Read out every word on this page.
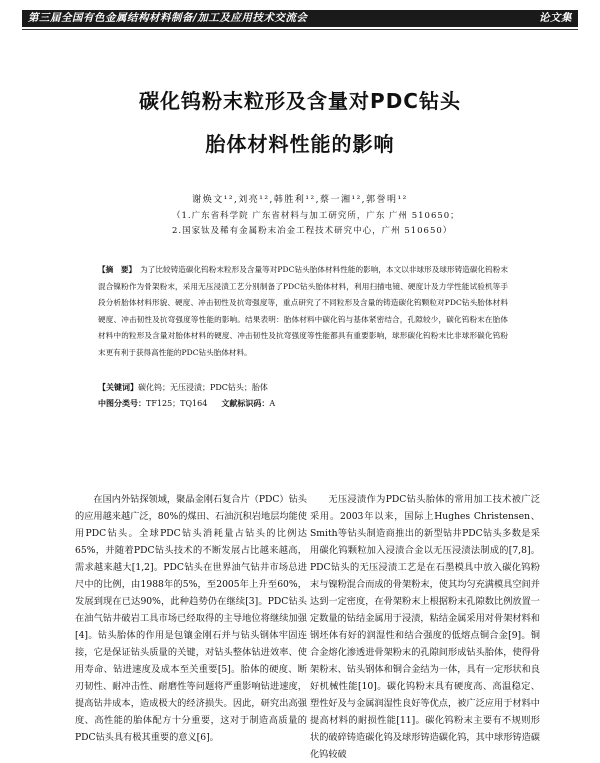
第三届全国有色金属结构材料制备/加工及应用技术交流会	论文集
碳化钨粉末粒形及含量对PDC钻头
胎体材料性能的影响
谢焕文¹²,刘亮¹²,韩胜利¹²,蔡一湘¹²,郭誉明¹²
（1.广东省科学院 广东省材料与加工研究所，广东 广州 510650；
2.国家钛及稀有金属粉末冶金工程技术研究中心，广州 510650）

【摘　要】 为了比较铸造碳化钨粉末粒形及含量等对PDC钻头胎体材料性能的影响，本文以非球形及球形铸造碳化钨粉末混合镍粉作为骨架粉末，采用无压浸渍工艺分别制备了PDC钻头胎体材料，利用扫描电镜、硬度计及力学性能试验机等手段分析胎体材料形貌、硬度、冲击韧性及抗弯强度等，重点研究了不同粒形及含量的铸造碳化钨颗粒对PDC钻头胎体材料硬度、冲击韧性及抗弯强度等性能的影响。结果表明：胎体材料中碳化钨与基体紧密结合，孔隙较少，碳化钨粉末在胎体材料中的粒形及含量对胎体材料的硬度、冲击韧性及抗弯强度等性能都具有重要影响，球形碳化钨粉末比非球形碳化钨粉末更有利于获得高性能的PDC钻头胎体材料。

【关键词】碳化钨；无压浸渍；PDC钻头；胎体
中图分类号：TF125；TQ164 文献标识码：A

在国内外钻探领域，聚晶金刚石复合片（PDC）钻头的应用越来越广泛，80%的煤田、石油沉积岩地层均能使用PDC钻头。全球PDC钻头消耗量占钻头的比例达65%，并随着PDC钻头技术的不断发展占比越来越高，需求越来越大[1,2]。PDC钻头在世界油气钻井市场总进尺中的比例，由1988年的5%，至2005年上升至60%，发展到现在已达90%，此种趋势仍在继续[3]。PDC钻头在油气钻井破岩工具市场已经取得的主导地位将继续加强[4]。钻头胎体的作用是包镶金刚石并与钻头钢体牢固连接，它是保证钻头质量的关键，对钻头整体钻进效率、使用寿命、钻进速度及成本至关重要[5]。胎体的硬度、断刃韧性、耐冲击性、耐磨性等问题将严重影响钻进速度，提高钻井成本，造成极大的经济损失。因此，研究出高强度、高性能的胎体配方十分重要，这对于制造高质量的PDC钻头具有极其重要的意义[6]。

无压浸渍作为PDC钻头胎体的常用加工技术被广泛采用。2003年以来，国际上Hughes Christensen、Smith等钻头制造商推出的新型钻井PDC钻头多数是采用碳化钨颗粒加入浸渍合金以无压浸渍法制成的[7,8]。PDC钻头的无压浸渍工艺是在石墨模具中放入碳化钨粉末与镍粉混合而成的骨架粉末，使其均匀充满模具空间并达到一定密度，在骨架粉末上根据粉末孔隙数比例放置一定数量的钻结金属用于浸渍，粘结金属采用对骨架材料和钢坯体有好的润湿性和结合强度的低熔点铜合金[9]。铜合金熔化渗透进骨架粉末的孔隙间形成钻头胎体，使得骨架粉末、钻头钢体和铜合金结为一体，具有一定形状和良好机械性能[10]。碳化钨粉末具有硬度高、高温稳定、塑性好及与金属润湿性良好等优点，被广泛应用于材料中提高材料的耐损性能[11]。碳化钨粉末主要有不规则形状的破碎铸造碳化钨及球形铸造碳化钨，其中球形铸造碳化钨较破
